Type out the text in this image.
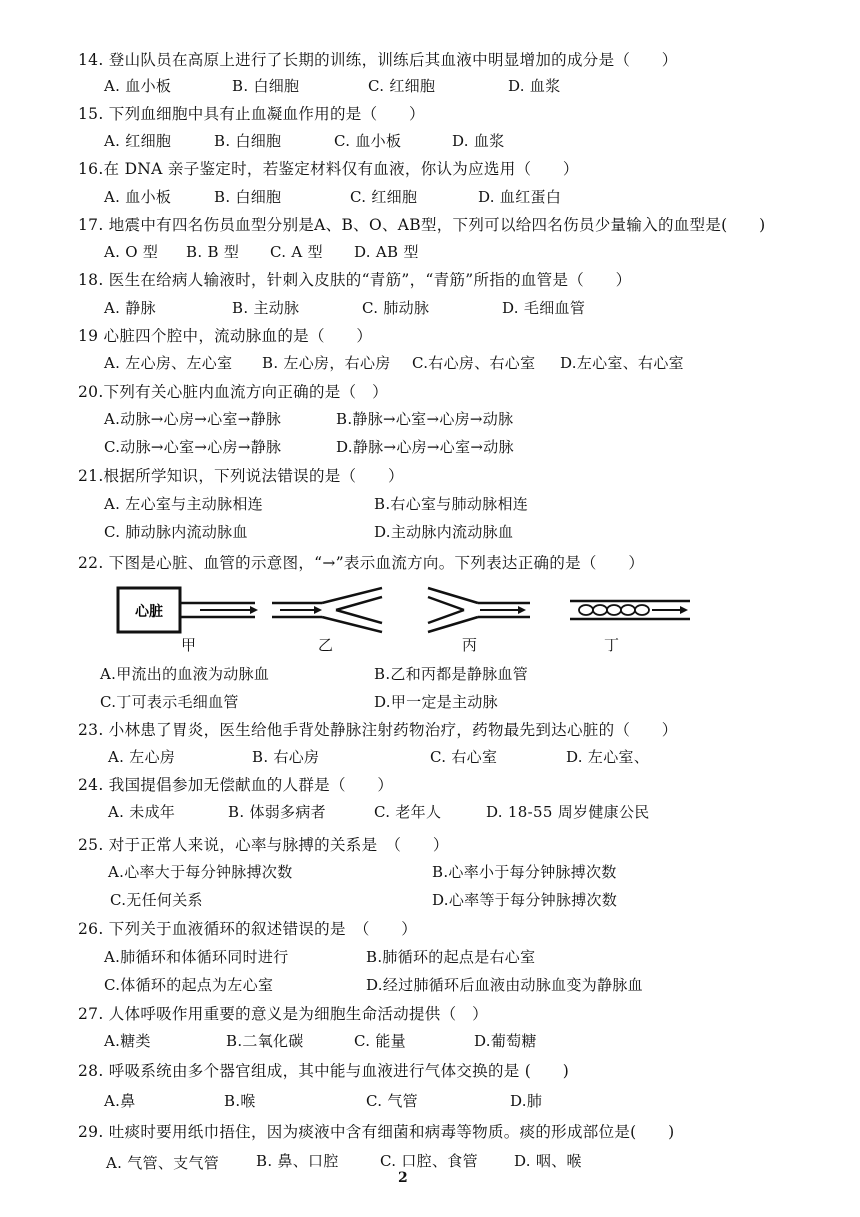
14. 登山队员在高原上进行了长期的训练，训练后其血液中明显增加的成分是（　　）
A. 血小板	B. 白细胞	C. 红细胞	D. 血浆
15. 下列血细胞中具有止血凝血作用的是（　　）
A. 红细胞	B. 白细胞	C. 血小板	D. 血浆
16.在 DNA 亲子鉴定时，若鉴定材料仅有血液，你认为应选用（　　）
A. 血小板	B. 白细胞	C. 红细胞	D. 血红蛋白
17. 地震中有四名伤员血型分别是A、B、O、AB型，下列可以给四名伤员少量输入的血型是(　　)
A. O 型 B. B 型 C. A 型 D. AB 型
18. 医生在给病人输液时，针刺入皮肤的“青筋”，“青筋”所指的血管是（　　）
A. 静脉	B. 主动脉	C. 肺动脉	D. 毛细血管
19 心脏四个腔中，流动脉血的是（　　）
A. 左心房、左心室 B. 左心房，右心房 C.右心房、右心室 D.左心室、右心室
20.下列有关心脏内血流方向正确的是（　）
A.动脉→心房→心室→静脉	B.静脉→心室→心房→动脉
C.动脉→心室→心房→静脉	D.静脉→心房→心室→动脉
21.根据所学知识，下列说法错误的是（　　）
A. 左心室与主动脉相连	B.右心室与肺动脉相连
C. 肺动脉内流动脉血	D.主动脉内流动脉血
22. 下图是心脏、血管的示意图，“→”表示血流方向。下列表达正确的是（　　）
心脏
甲	乙	丙	丁
A.甲流出的血液为动脉血	B.乙和丙都是静脉血管
C.丁可表示毛细血管	D.甲一定是主动脉
23. 小林患了胃炎，医生给他手背处静脉注射药物治疗，药物最先到达心脏的（　　）
A. 左心房	B. 右心房	C. 右心室	D. 左心室、
24. 我国提倡参加无偿献血的人群是（　　）
A. 未成年	B. 体弱多病者	C. 老年人	D. 18-55 周岁健康公民
25. 对于正常人来说，心率与脉搏的关系是　（　　）
A.心率大于每分钟脉搏次数	B.心率小于每分钟脉搏次数
C.无任何关系	D.心率等于每分钟脉搏次数
26. 下列关于血液循环的叙述错误的是　（　　）
A.肺循环和体循环同时进行	B.肺循环的起点是右心室
C.体循环的起点为左心室	D.经过肺循环后血液由动脉血变为静脉血
27. 人体呼吸作用重要的意义是为细胞生命活动提供（　）
A.糖类	B.二氧化碳	C. 能量	D.葡萄糖
28. 呼吸系统由多个器官组成，其中能与血液进行气体交换的是 (　　)
A.鼻	B.喉	C. 气管	D.肺
29. 吐痰时要用纸巾捂住，因为痰液中含有细菌和病毒等物质。痰的形成部位是(　　)
A. 气管、支气管 B. 鼻、口腔	C. 口腔、食管 D. 咽、喉
2
